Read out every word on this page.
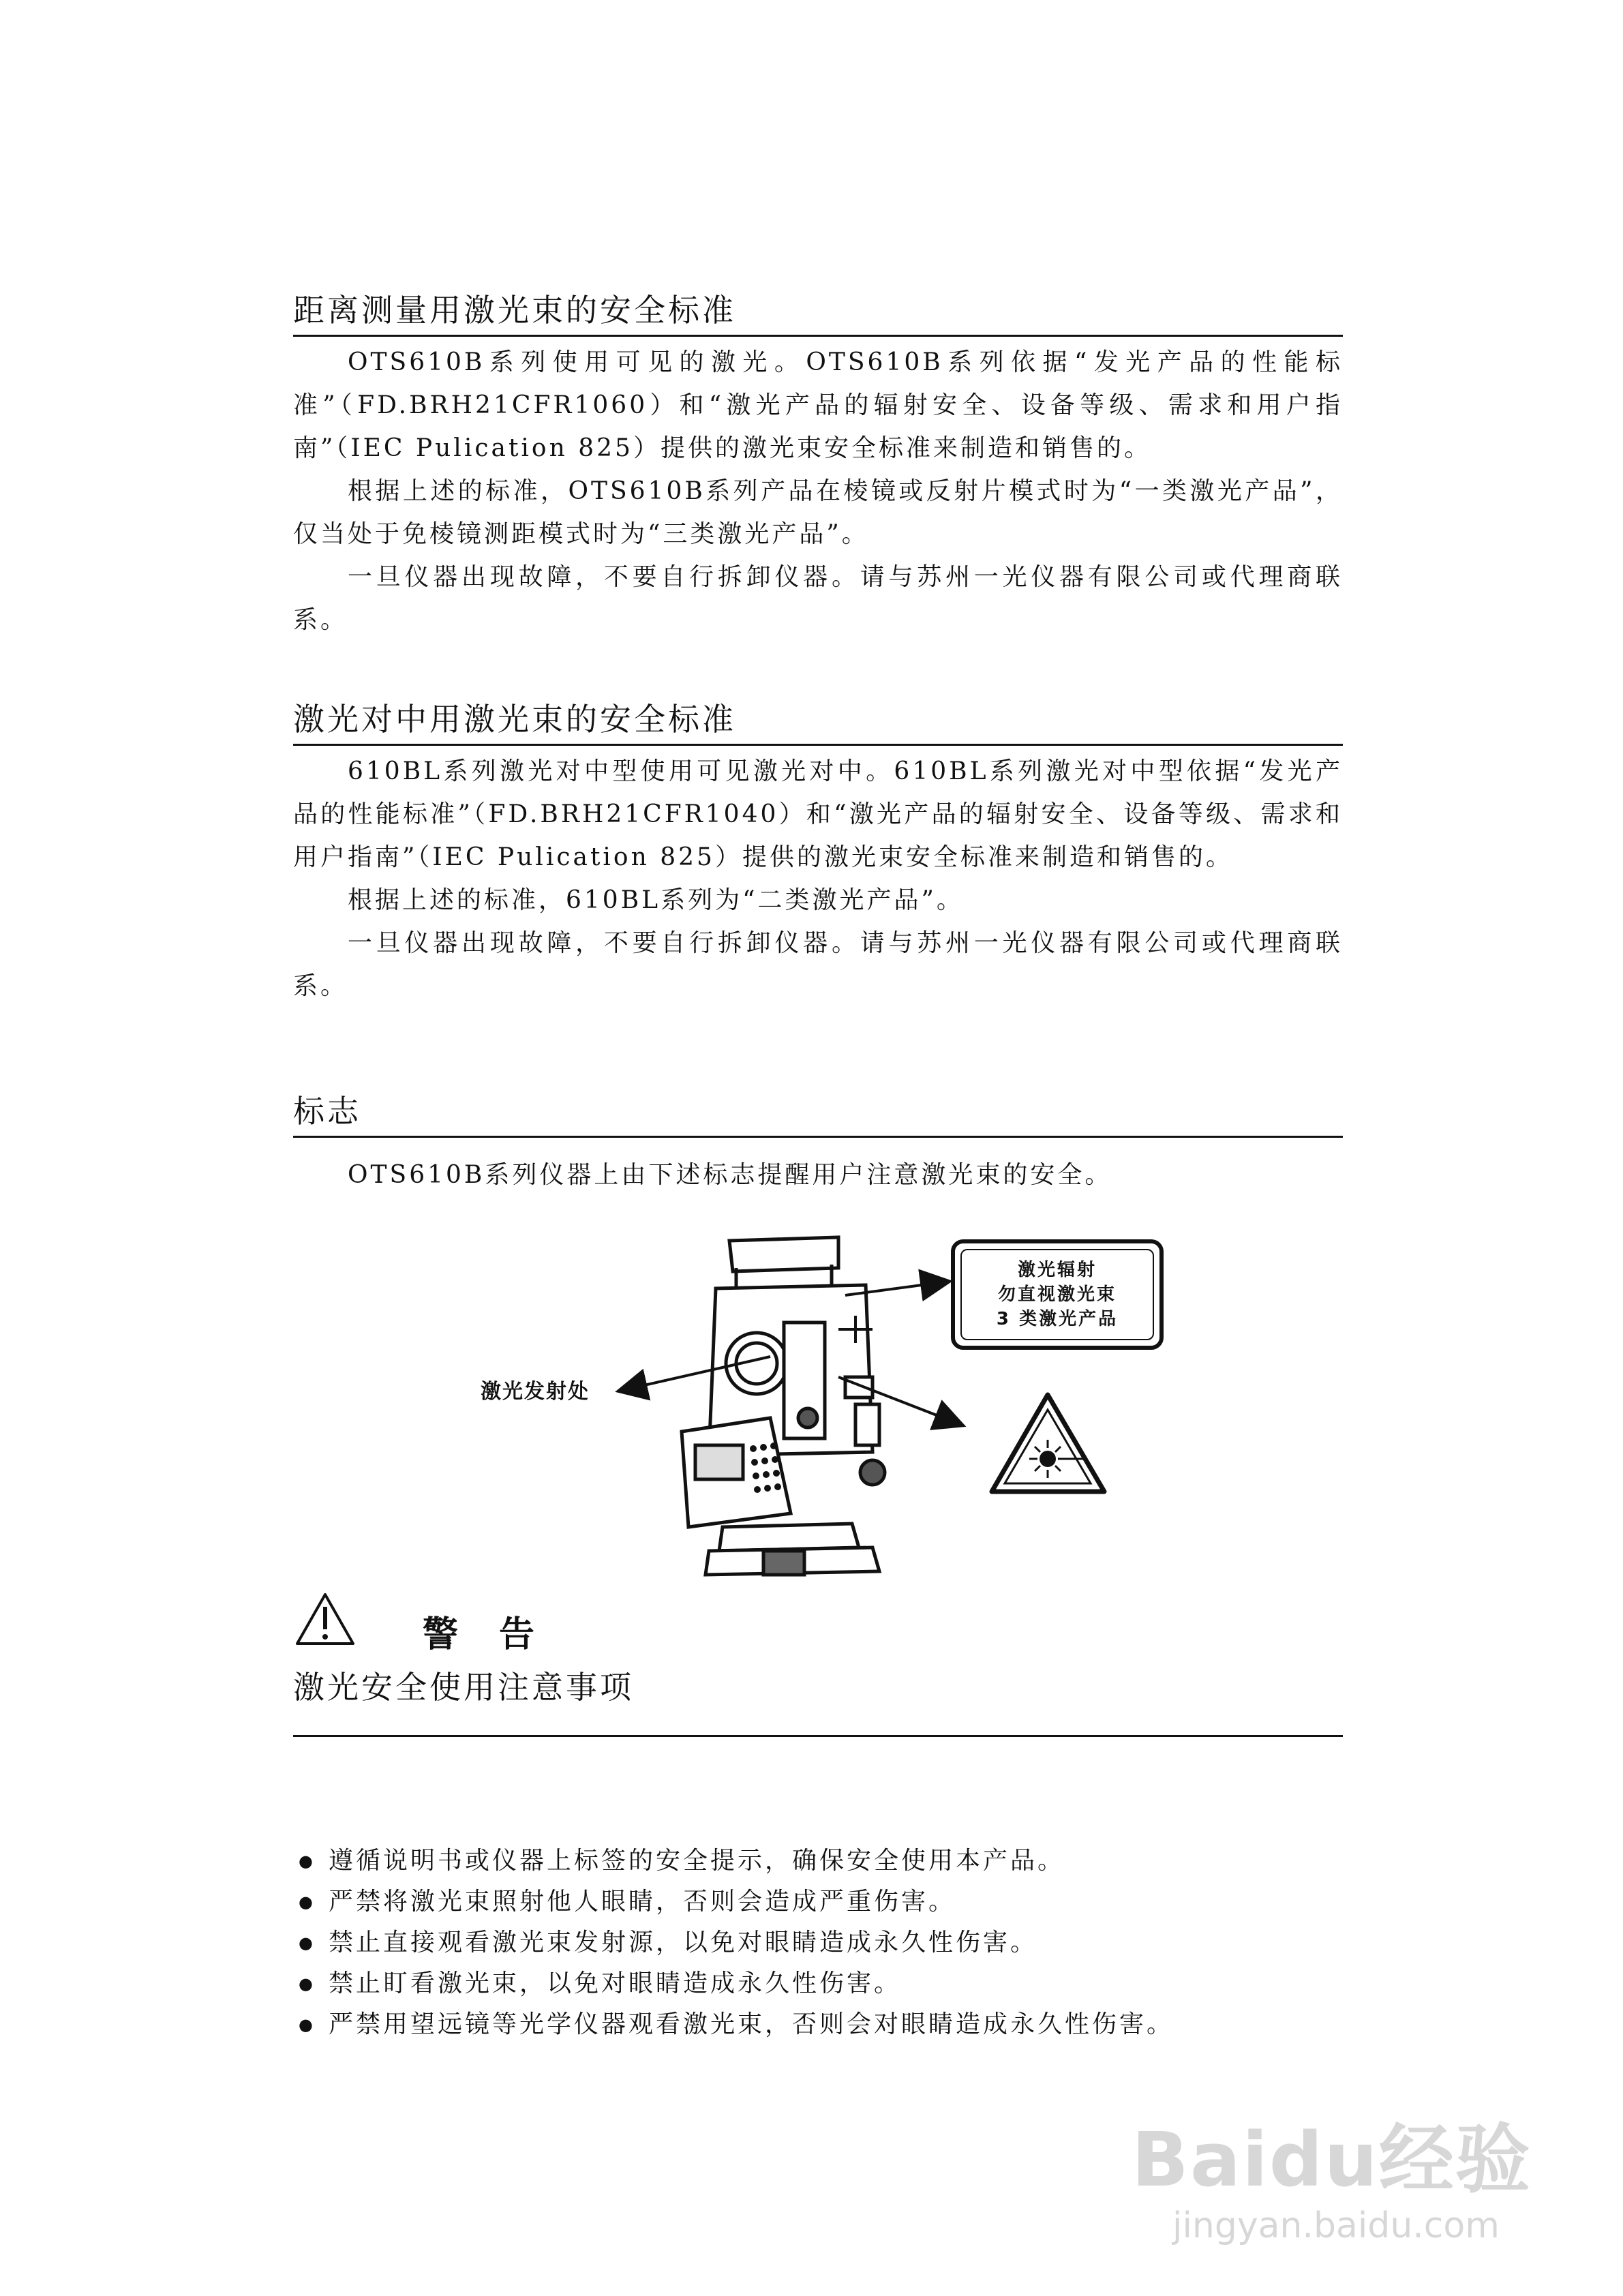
距离测量用激光束的安全标准

OTS610B系列使用可见的激光。OTS610B系列依据“发光产品的性能标准”（FD.BRH21CFR1060）和“激光产品的辐射安全、设备等级、需求和用户指南”（IEC Pulication 825）提供的激光束安全标准来制造和销售的。

根据上述的标准，OTS610B系列产品在棱镜或反射片模式时为“一类激光产品”，仅当处于免棱镜测距模式时为“三类激光产品”。

一旦仪器出现故障，不要自行拆卸仪器。请与苏州一光仪器有限公司或代理商联系。

激光对中用激光束的安全标准

610BL系列激光对中型使用可见激光对中。610BL系列激光对中型依据“发光产品的性能标准”（FD.BRH21CFR1040）和“激光产品的辐射安全、设备等级、需求和用户指南”（IEC Pulication 825）提供的激光束安全标准来制造和销售的。

根据上述的标准，610BL系列为“二类激光产品”。

一旦仪器出现故障，不要自行拆卸仪器。请与苏州一光仪器有限公司或代理商联系。

标志

OTS610B系列仪器上由下述标志提醒用户注意激光束的安全。

激光发射处
激光辐射
勿直视激光束
3 类激光产品
警告
激光安全使用注意事项
● 遵循说明书或仪器上标签的安全提示，确保安全使用本产品。
● 严禁将激光束照射他人眼睛，否则会造成严重伤害。
● 禁止直接观看激光束发射源，以免对眼睛造成永久性伤害。
● 禁止盯看激光束，以免对眼睛造成永久性伤害。
● 严禁用望远镜等光学仪器观看激光束，否则会对眼睛造成永久性伤害。
Baidu经验
jingyan.baidu.com
